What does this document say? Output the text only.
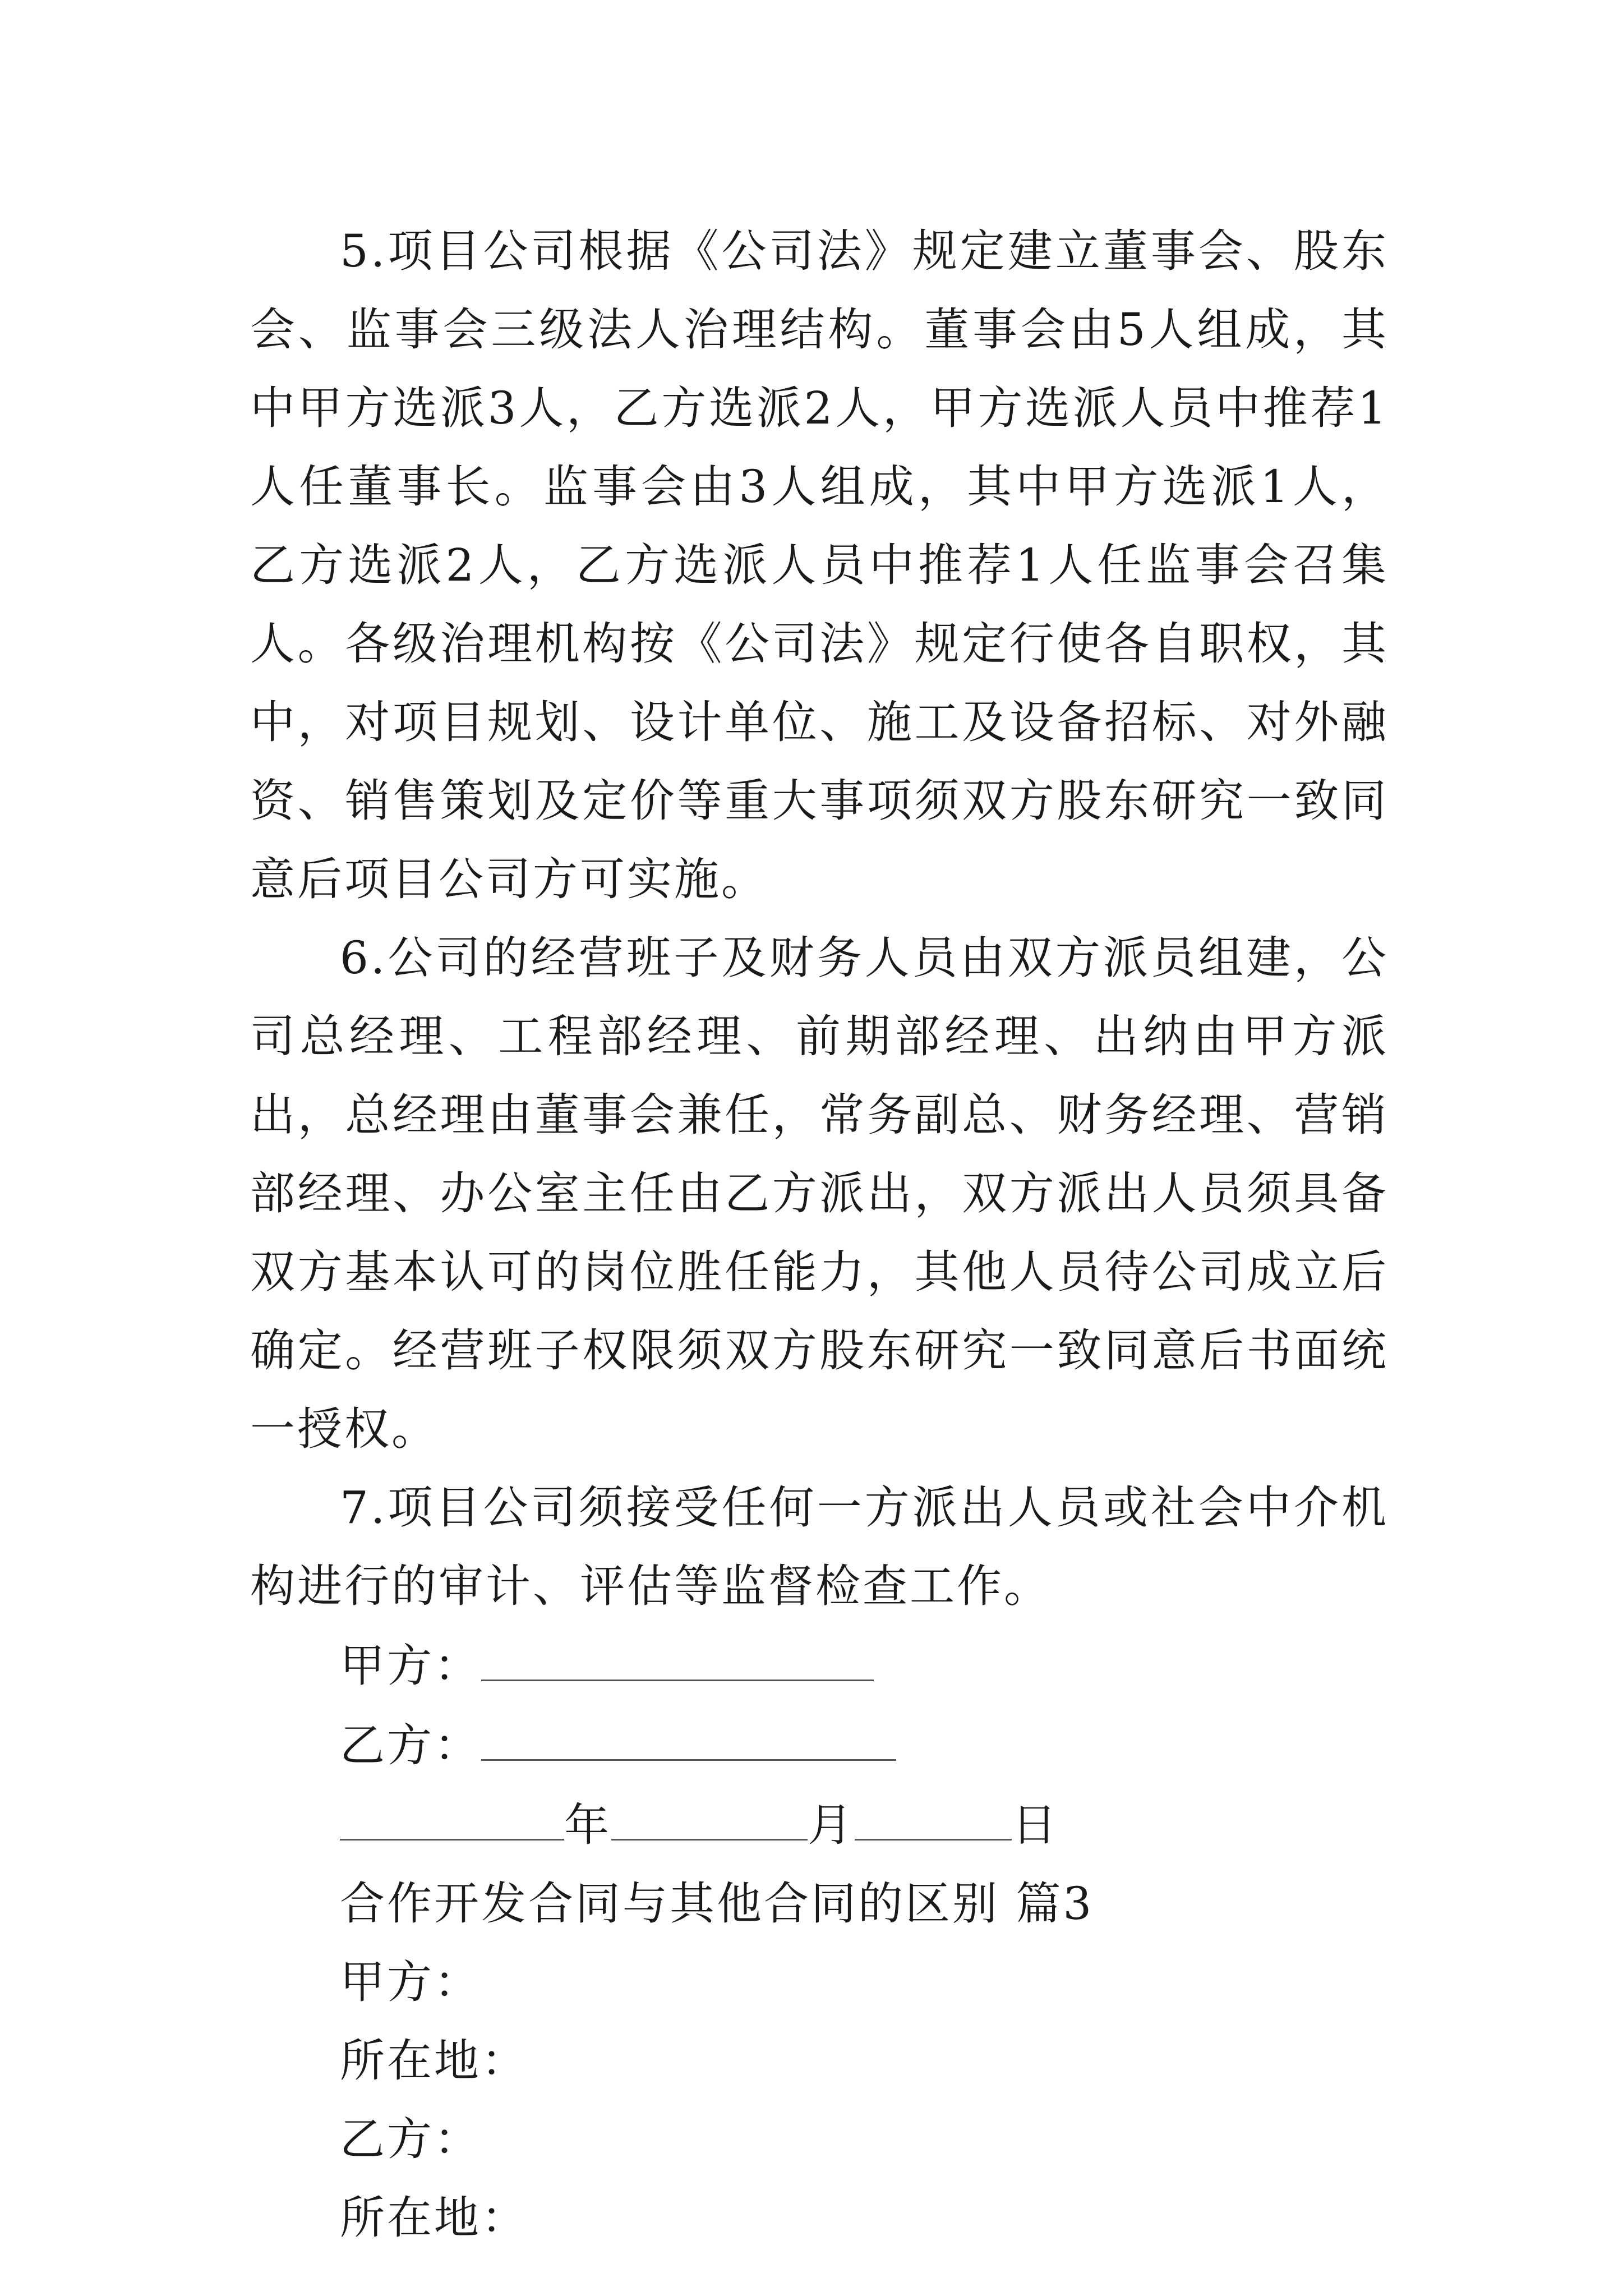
5.项目公司根据《公司法》规定建立董事会、股东会、监事会三级法人治理结构。董事会由5人组成，其中甲方选派3人，乙方选派2人，甲方选派人员中推荐1人任董事长。监事会由3人组成，其中甲方选派1人，乙方选派2人，乙方选派人员中推荐1人任监事会召集人。各级治理机构按《公司法》规定行使各自职权，其中，对项目规划、设计单位、施工及设备招标、对外融资、销售策划及定价等重大事项须双方股东研究一致同意后项目公司方可实施。

6.公司的经营班子及财务人员由双方派员组建，公司总经理、工程部经理、前期部经理、出纳由甲方派出，总经理由董事会兼任，常务副总、财务经理、营销部经理、办公室主任由乙方派出，双方派出人员须具备双方基本认可的岗位胜任能力，其他人员待公司成立后确定。经营班子权限须双方股东研究一致同意后书面统一授权。

7.项目公司须接受任何一方派出人员或社会中介机构进行的审计、评估等监督检查工作。

甲方：
乙方：
年	月	日
合作开发合同与其他合同的区别 篇3
甲方：
所在地：
乙方：
所在地：
